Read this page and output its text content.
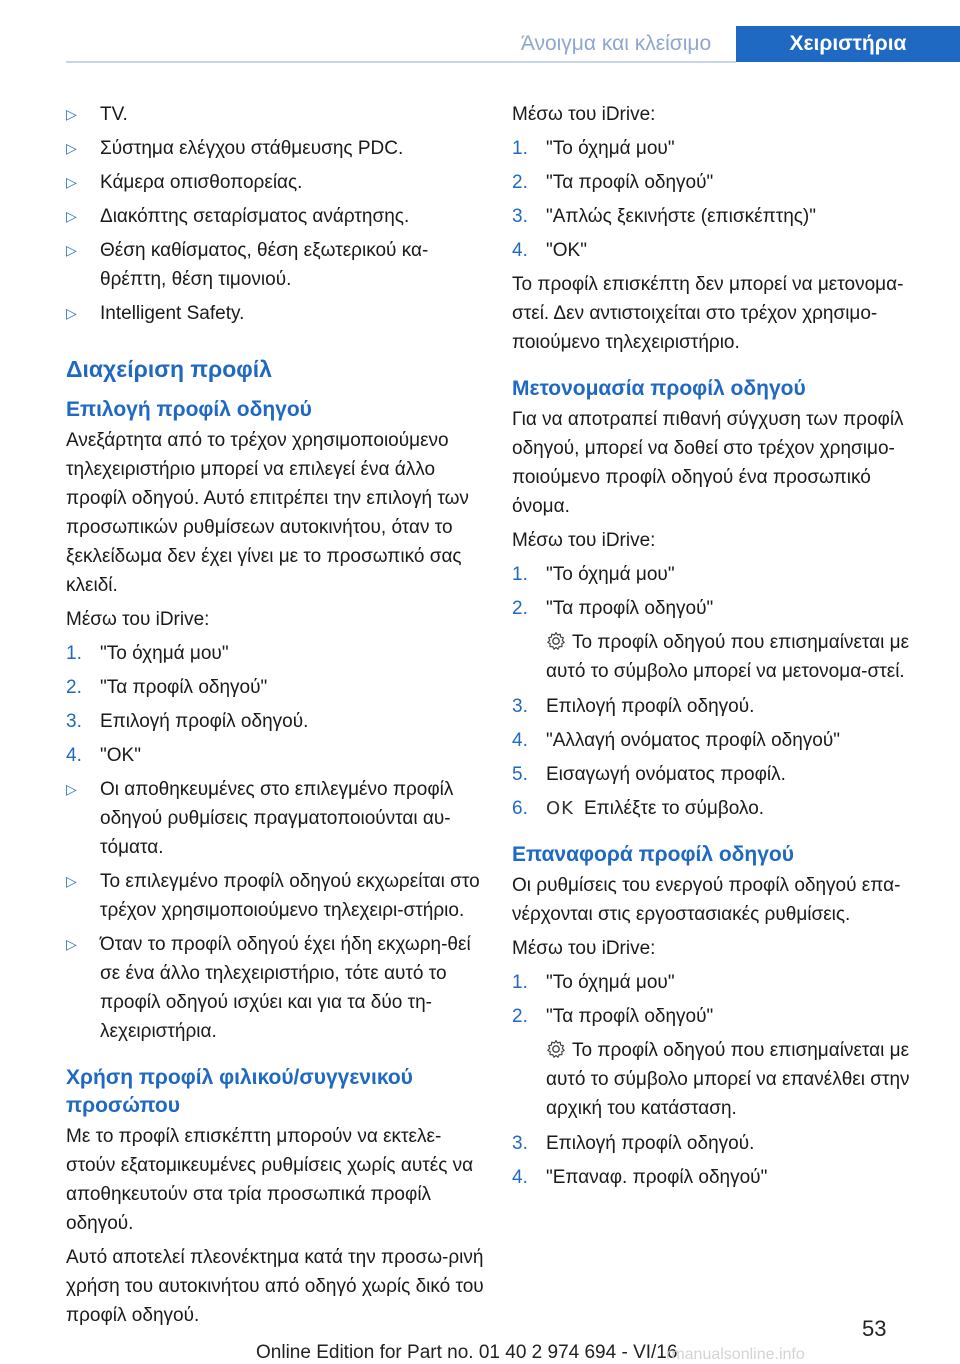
Άνοιγμα και κλείσιμο	Χειριστήρια
▷ TV.
▷ Σύστημα ελέγχου στάθμευσης PDC.
▷ Κάμερα οπισθοπορείας.
▷ Διακόπτης σεταρίσματος ανάρτησης.
▷ Θέση καθίσματος, θέση εξωτερικού κα-θρέπτη, θέση τιμονιού.
▷ Intelligent Safety.
Διαχείριση προφίλ
Επιλογή προφίλ οδηγού

Ανεξάρτητα από το τρέχον χρησιμοποιούμενο τηλεχειριστήριο μπορεί να επιλεγεί ένα άλλο προφίλ οδηγού. Αυτό επιτρέπει την επιλογή των προσωπικών ρυθμίσεων αυτοκινήτου, όταν το ξεκλείδωμα δεν έχει γίνει με το προσωπικό σας κλειδί.

Μέσω του iDrive:

1. "Το όχημά μου"
2. "Τα προφίλ οδηγού"
3. Επιλογή προφίλ οδηγού.
4. "OK"
▷ Οι αποθηκευμένες στο επιλεγμένο προφίλ οδηγού ρυθμίσεις πραγματοποιούνται αυ-τόματα.
▷ Το επιλεγμένο προφίλ οδηγού εκχωρείται στο τρέχον χρησιμοποιούμενο τηλεχειρι-στήριο.
▷ Όταν το προφίλ οδηγού έχει ήδη εκχωρη-θεί σε ένα άλλο τηλεχειριστήριο, τότε αυτό το προφίλ οδηγού ισχύει και για τα δύο τη-λεχειριστήρια.
Χρήση προφίλ φιλικού/συγγενικού προσώπου

Με το προφίλ επισκέπτη μπορούν να εκτελε-στούν εξατομικευμένες ρυθμίσεις χωρίς αυτές να αποθηκευτούν στα τρία προσωπικά προφίλ οδηγού.

Αυτό αποτελεί πλεονέκτημα κατά την προσω-ρινή χρήση του αυτοκινήτου από οδηγό χωρίς δικό του προφίλ οδηγού.

Μέσω του iDrive:

1. "Το όχημά μου"
2. "Τα προφίλ οδηγού"
3. "Απλώς ξεκινήστε (επισκέπτης)"
4. "OK"

Το προφίλ επισκέπτη δεν μπορεί να μετονομα-στεί. Δεν αντιστοιχείται στο τρέχον χρησιμο-ποιούμενο τηλεχειριστήριο.

Μετονομασία προφίλ οδηγού

Για να αποτραπεί πιθανή σύγχυση των προφίλ οδηγού, μπορεί να δοθεί στο τρέχον χρησιμο-ποιούμενο προφίλ οδηγού ένα προσωπικό όνομα.

Μέσω του iDrive:

1. "Το όχημά μου"
2. "Τα προφίλ οδηγού"
Το προφίλ οδηγού που επισημαίνεται με αυτό το σύμβολο μπορεί να μετονομα-στεί.
3. Επιλογή προφίλ οδηγού.
4. "Αλλαγή ονόματος προφίλ οδηγού"
5. Εισαγωγή ονόματος προφίλ.
6. OK Επιλέξτε το σύμβολο.
Επαναφορά προφίλ οδηγού

Οι ρυθμίσεις του ενεργού προφίλ οδηγού επα-νέρχονται στις εργοστασιακές ρυθμίσεις.

Μέσω του iDrive:

1. "Το όχημά μου"
2. "Τα προφίλ οδηγού"
Το προφίλ οδηγού που επισημαίνεται με αυτό το σύμβολο μπορεί να επανέλθει στην αρχική του κατάσταση.
3. Επιλογή προφίλ οδηγού.
4. "Επαναφ. προφίλ οδηγού"
53
Online Edition for Part no. 01 40 2 974 694 - VI/16
rmanualsonline.info
